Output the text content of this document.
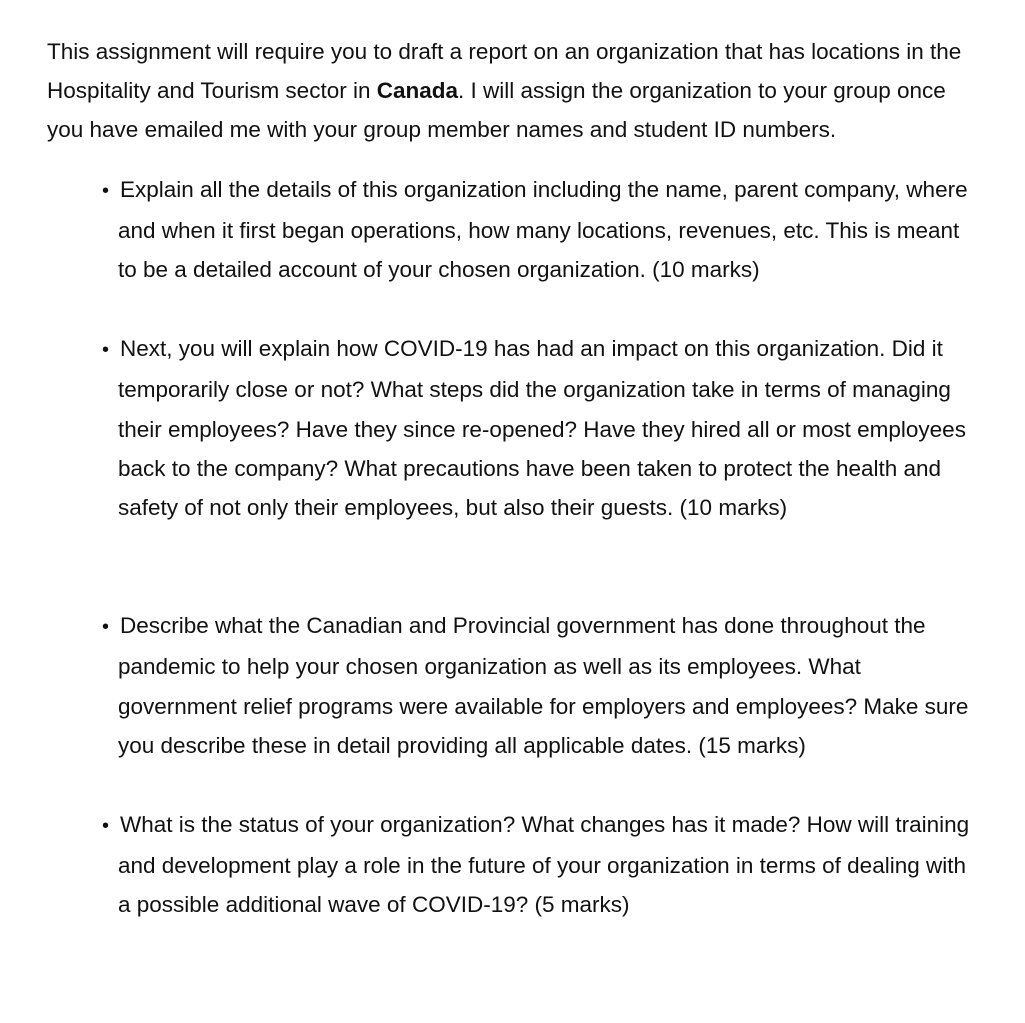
This assignment will require you to draft a report on an organization that has locations in the Hospitality and Tourism sector in Canada. I will assign the organization to your group once you have emailed me with your group member names and student ID numbers.

• Explain all the details of this organization including the name, parent company, where and when it first began operations, how many locations, revenues, etc. This is meant to be a detailed account of your chosen organization. (10 marks)
• Next, you will explain how COVID-19 has had an impact on this organization. Did it temporarily close or not? What steps did the organization take in terms of managing their employees? Have they since re-opened? Have they hired all or most employees back to the company? What precautions have been taken to protect the health and safety of not only their employees, but also their guests. (10 marks)
• Describe what the Canadian and Provincial government has done throughout the pandemic to help your chosen organization as well as its employees. What government relief programs were available for employers and employees? Make sure you describe these in detail providing all applicable dates. (15 marks)
• What is the status of your organization? What changes has it made? How will training and development play a role in the future of your organization in terms of dealing with a possible additional wave of COVID-19? (5 marks)
